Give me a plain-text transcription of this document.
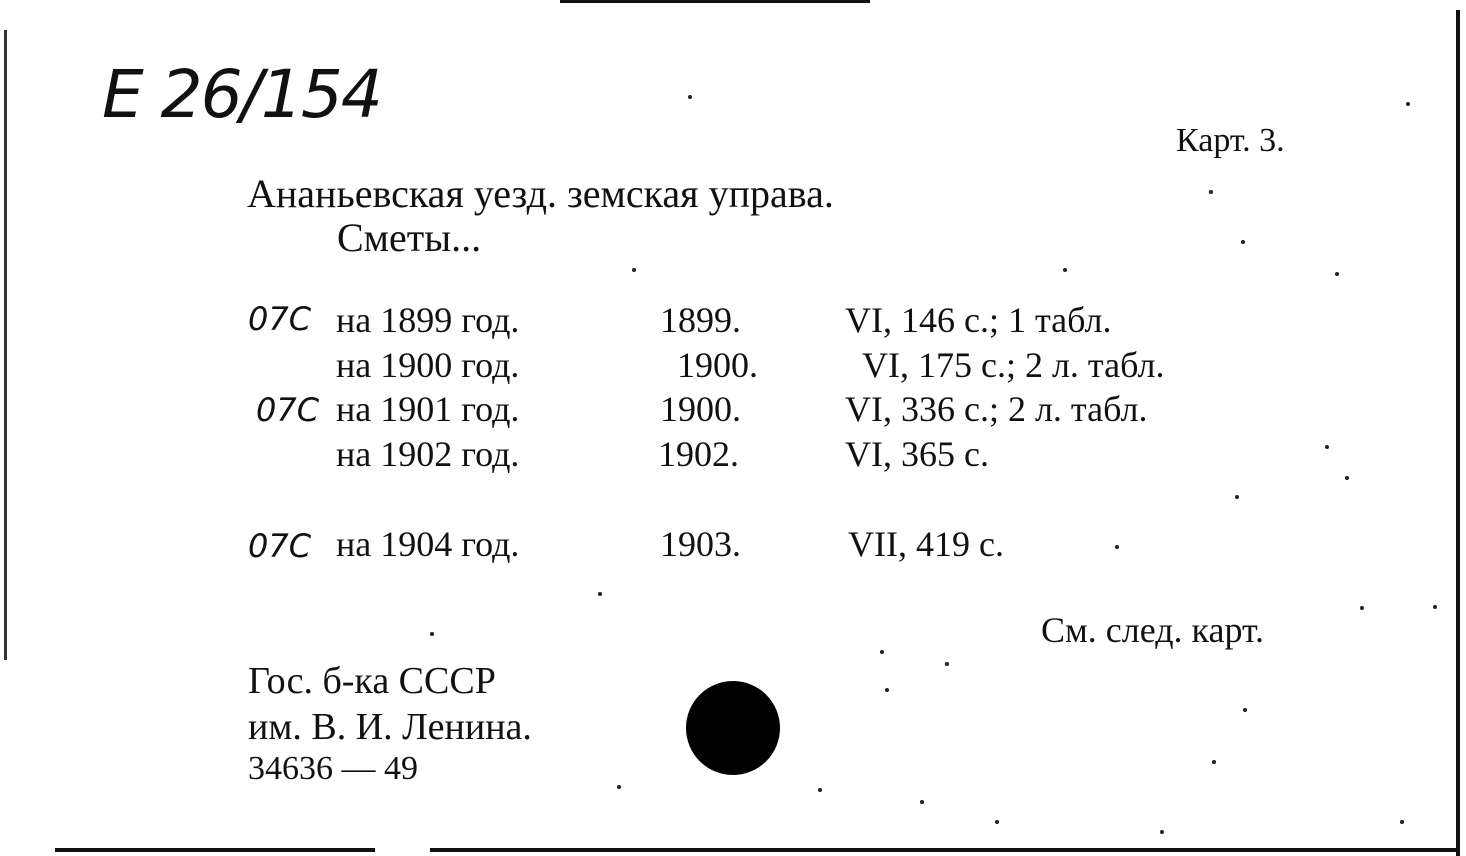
E 26/154
Карт. 3.
Ананьевская уезд. земская управа.
Сметы...
07C на 1899 год.	1899.	VI, 146 с.; 1 табл.
на 1900 год.	1900.	VI, 175 с.; 2 л. табл.
07C на 1901 год.	1900.	VI, 336 с.; 2 л. табл.
на 1902 год.	1902.	VI, 365 с.
07C на 1904 год.	1903.	VII, 419 с.
См. след. карт.
Гос. б-ка СССР
им. В. И. Ленина.
34636 — 49
